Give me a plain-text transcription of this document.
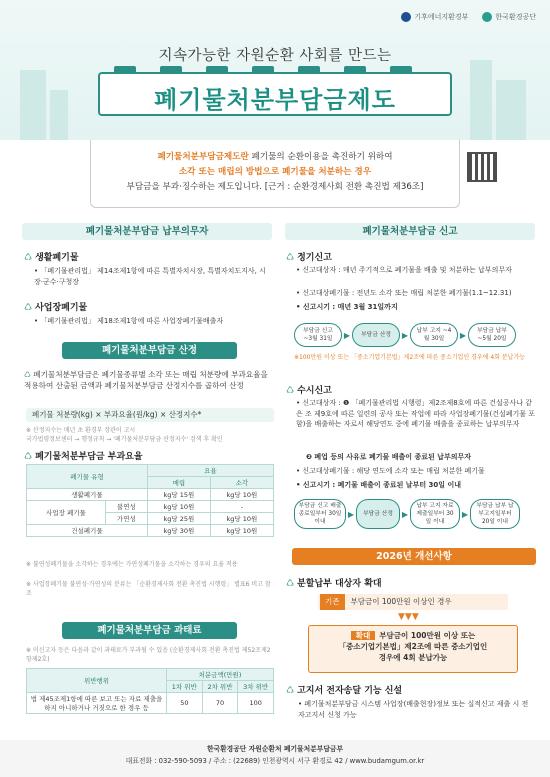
기후에너지환경부	한국환경공단
지속가능한 자원순환 사회를 만드는
폐기물처분부담금제도
폐기물처분부담금제도란 폐기물의 순환이용을 촉진하기 위하여
소각 또는 매립의 방법으로 폐기물을 처분하는 경우
부담금을 부과·징수하는 제도입니다. [근거 : 순환경제사회 전환 촉진법 제36조]
폐기물처분부담금 납부의무자
♺ 생활폐기물
• 「폐기물관리법」 제14조제1항에 따른 특별자치시장, 특별자치도지사, 시장·군수·구청장
♺ 사업장폐기물
• 「폐기물관리법」 제18조제1항에 따른 사업장폐기물배출자
폐기물처분부담금 산정
♺ 폐기물처분부담금은 폐기물종류별 소각 또는 매립 처분량에 부과요율을 적용하여 산출된 금액과 폐기물처분부담금 산정지수를 곱하여 산정
폐기물 처분량(kg) × 부과요율(원/kg) × 산정지수*
※ 산정지수는 매년 초 환경부 장관이 고시
국가법령정보센터 → 행정규칙 → '폐기물처분부담금 산정지수' 검색 후 확인
♺ 폐기물처분부담금 부과요율
폐기물 유형		요율	
		매립	소각
생활폐기물		kg당 15원	kg당 10원
사업장 폐기물	불연성	kg당 10원	-
	가연성	kg당 25원	kg당 10원
건설폐기물		kg당 30원	kg당 10원
※ 불연성폐기물을 소각하는 경우에는 가연성폐기물을 소각하는 경우의 요율 적용
※ 사업장폐기물 불연성·가연성의 분류는 「순환경제사회 전환 촉진법 시행령」 별표6 비고 참조
폐기물처분부담금 과태료
※ 미신고자 등은 다음과 같이 과태료가 부과될 수 있음 (순환경제사회 전환 촉진법 제52조제2항제2호)
위반행위	처분금액(만원)		
	1차 위반	2차 위반	3차 위반
법 제45조제1항에 따른 보고 또는 자료 제출을 하지 아니하거나 거짓으로 한 경우 등	50	70	100
폐기물처분부담금 신고
♺ 정기신고
• 신고대상자 : 매년 주기적으로 폐기물을 배출 및 처분하는 납부의무자
• 신고대상폐기물 : 전년도 소각 또는 매립 처분한 폐기물(1.1~12.31)
• 신고시기 : 매년 3월 31일까지
부담금 신고 ~3월 31일	▶	부담금 산정	▶	납부 고지 ~4월 30일	▶	부담금 납부 ~5월 20일
※100만원 이상 또는 「중소기업기본법」제2조에 따른 중소기업인 경우에 4회 분납가능
♺ 수시신고
• 신고대상자 : ❶ 「폐기물관리법 시행령」제2조제8호에 따른 건설공사나 같은 조 제9호에 따른 일련의 공사 또는 작업에 따라 사업장폐기물(건설폐기물 포함)을 배출하는 자로서 해당연도 중에 폐기물 배출을 종료하는 납부의무자
❷ 폐업 등의 사유로 폐기물 배출이 종료된 납부의무자
• 신고대상폐기물 : 해당 연도에 소각 또는 매립 처분한 폐기물
• 신고시기 : 폐기물 배출이 종료된 날부터 30일 이내
부담금 신고 배출종료일부터 30일 이내
▶	부담금 산정	▶
납부 고지 자료 제출일부터 30일 이내
▶
부담금 납부 납부고지일부터 20일 이내
2026년 개선사항
♺ 분할납부 대상자 확대
기존 부담금이 100만원 이상인 경우
▼▼▼
확대 부담금이 100만원 이상 또는
「중소기업기본법」제2조에 따른 중소기업인
경우에 4회 분납가능
♺ 고지서 전자송달 기능 신설
• 폐기물처분부담금 시스템 사업장(배출현장)정보 또는 실적신고 제출 시 전자고지서 신청 가능
한국환경공단 자원순환처 폐기물처분부담금부
대표전화 : 032-590-5093 / 주소 : (22689) 인천광역시 서구 환경로 42 / www.budamgum.or.kr
